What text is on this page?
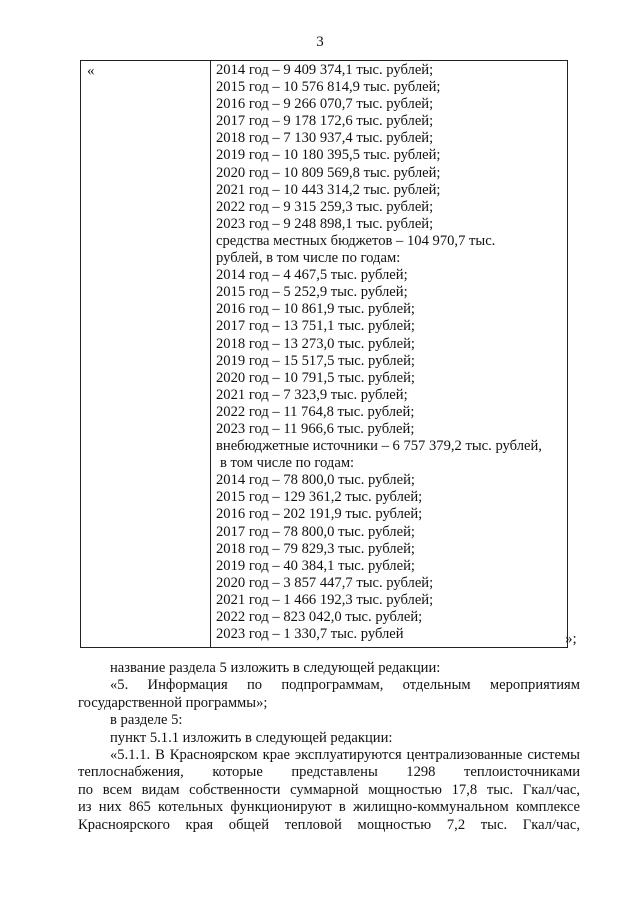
3
«	2014 год – 9 409 374,1 тыс. рублей;
2015 год – 10 576 814,9 тыс. рублей;
2016 год – 9 266 070,7 тыс. рублей;
2017 год – 9 178 172,6 тыс. рублей;
2018 год – 7 130 937,4 тыс. рублей;
2019 год – 10 180 395,5 тыс. рублей;
2020 год – 10 809 569,8 тыс. рублей;
2021 год – 10 443 314,2 тыс. рублей;
2022 год – 9 315 259,3 тыс. рублей;
2023 год – 9 248 898,1 тыс. рублей;
средства местных бюджетов – 104 970,7 тыс.
рублей, в том числе по годам:
2014 год – 4 467,5 тыс. рублей;
2015 год – 5 252,9 тыс. рублей;
2016 год – 10 861,9 тыс. рублей;
2017 год – 13 751,1 тыс. рублей;
2018 год – 13 273,0 тыс. рублей;
2019 год – 15 517,5 тыс. рублей;
2020 год – 10 791,5 тыс. рублей;
2021 год – 7 323,9 тыс. рублей;
2022 год – 11 764,8 тыс. рублей;
2023 год – 11 966,6 тыс. рублей;
внебюджетные источники – 6 757 379,2 тыс. рублей,
в том числе по годам:
2014 год – 78 800,0 тыс. рублей;
2015 год – 129 361,2 тыс. рублей;
2016 год – 202 191,9 тыс. рублей;
2017 год – 78 800,0 тыс. рублей;
2018 год – 79 829,3 тыс. рублей;
2019 год – 40 384,1 тыс. рублей;
2020 год – 3 857 447,7 тыс. рублей;
2021 год – 1 466 192,3 тыс. рублей;
2022 год – 823 042,0 тыс. рублей;
2023 год – 1 330,7 тыс. рублей	»;

название раздела 5 изложить в следующей редакции:

«5. Информация по подпрограммам, отдельным мероприятиям

государственной программы»;

в разделе 5:

пункт 5.1.1 изложить в следующей редакции:

«5.1.1. В Красноярском крае эксплуатируются централизованные системы

теплоснабжения, которые представлены 1298 теплоисточниками

по всем видам собственности суммарной мощностью 17,8 тыс. Гкал/час,

из них 865 котельных функционируют в жилищно-коммунальном комплексе

Красноярского края общей тепловой мощностью 7,2 тыс. Гкал/час,
